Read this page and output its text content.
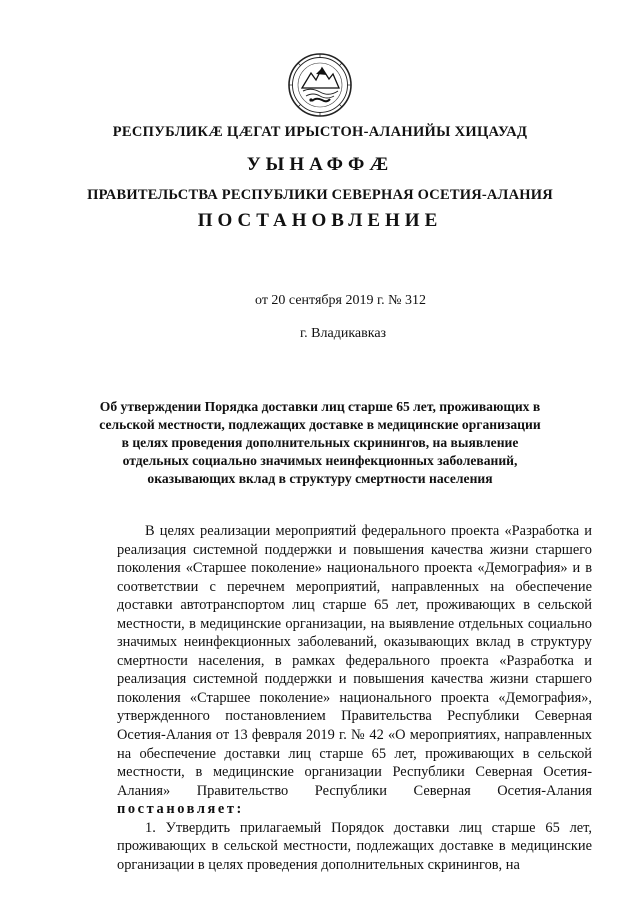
РЕСПУБЛИКӔ ЦӔГАТ ИРЫСТОН-АЛАНИЙЫ ХИЦАУАД
УЫНАФФӔ
ПРАВИТЕЛЬСТВА РЕСПУБЛИКИ СЕВЕРНАЯ ОСЕТИЯ-АЛАНИЯ
ПОСТАНОВЛЕНИЕ
от 20 сентября 2019 г. № 312
г. Владикавказ
Об утверждении Порядка доставки лиц старше 65 лет, проживающих в сельской местности, подлежащих доставке в медицинские организации в целях проведения дополнительных скринингов, на выявление отдельных социально значимых неинфекционных заболеваний, оказывающих вклад в структуру смертности населения

В целях реализации мероприятий федерального проекта «Разработка и реализация системной поддержки и повышения качества жизни старшего поколения «Старшее поколение» национального проекта «Демография» и в соответствии с перечнем мероприятий, направленных на обеспечение доставки автотранспортом лиц старше 65 лет, проживающих в сельской местности, в медицинские организации, на выявление отдельных социально значимых неинфекционных заболеваний, оказывающих вклад в структуру смертности населения, в рамках федерального проекта «Разработка и реализация системной поддержки и повышения качества жизни старшего поколения «Старшее поколение» национального проекта «Демография», утвержденного постановлением Правительства Республики Северная Осетия-Алания от 13 февраля 2019 г. № 42 «О мероприятиях, направленных на обеспечение доставки лиц старше 65 лет, проживающих в сельской местности, в медицинские организации Республики Северная Осетия-Алания» Правительство Республики Северная Осетия-Алания постановляет:

1. Утвердить прилагаемый Порядок доставки лиц старше 65 лет, проживающих в сельской местности, подлежащих доставке в медицинские организации в целях проведения дополнительных скринингов, на
